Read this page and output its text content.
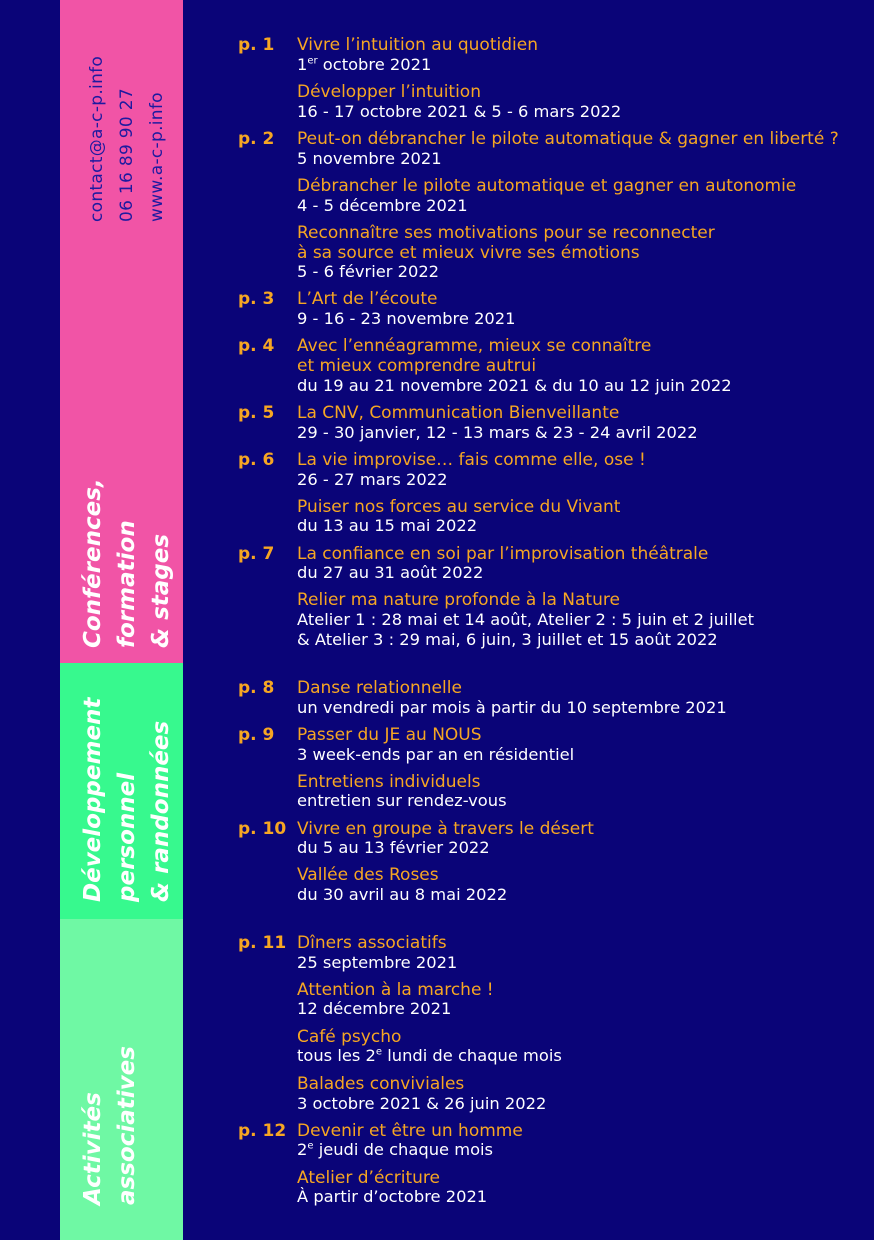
contact@a-c-p.info 06 16 89 90 27 www.a-c-p.info
Conférences, formation & stages
Développement personnel & randonnées
Activités associatives
p. 1 Vivre l’intuition au quotidien
1er octobre 2021
Développer l’intuition
16 - 17 octobre 2021 & 5 - 6 mars 2022
p. 2 Peut-on débrancher le pilote automatique & gagner en liberté ?
5 novembre 2021
Débrancher le pilote automatique et gagner en autonomie
4 - 5 décembre 2021
Reconnaître ses motivations pour se reconnecter
à sa source et mieux vivre ses émotions
5 - 6 février 2022
p. 3 L’Art de l’écoute
9 - 16 - 23 novembre 2021
p. 4 Avec l’ennéagramme, mieux se connaître
et mieux comprendre autrui
du 19 au 21 novembre 2021 & du 10 au 12 juin 2022
p. 5 La CNV, Communication Bienveillante
29 - 30 janvier, 12 - 13 mars & 23 - 24 avril 2022
p. 6 La vie improvise… fais comme elle, ose !
26 - 27 mars 2022
Puiser nos forces au service du Vivant
du 13 au 15 mai 2022
p. 7 La confiance en soi par l’improvisation théâtrale
du 27 au 31 août 2022
Relier ma nature profonde à la Nature
Atelier 1 : 28 mai et 14 août, Atelier 2 : 5 juin et 2 juillet
& Atelier 3 : 29 mai, 6 juin, 3 juillet et 15 août 2022
p. 8 Danse relationnelle
un vendredi par mois à partir du 10 septembre 2021
p. 9 Passer du JE au NOUS
3 week-ends par an en résidentiel
Entretiens individuels
entretien sur rendez-vous
p. 10 Vivre en groupe à travers le désert
du 5 au 13 février 2022
Vallée des Roses
du 30 avril au 8 mai 2022
p. 11 Dîners associatifs
25 septembre 2021
Attention à la marche !
12 décembre 2021
Café psycho
tous les 2e lundi de chaque mois
Balades conviviales
3 octobre 2021 & 26 juin 2022
p. 12 Devenir et être un homme
2e jeudi de chaque mois
Atelier d’écriture
À partir d’octobre 2021
